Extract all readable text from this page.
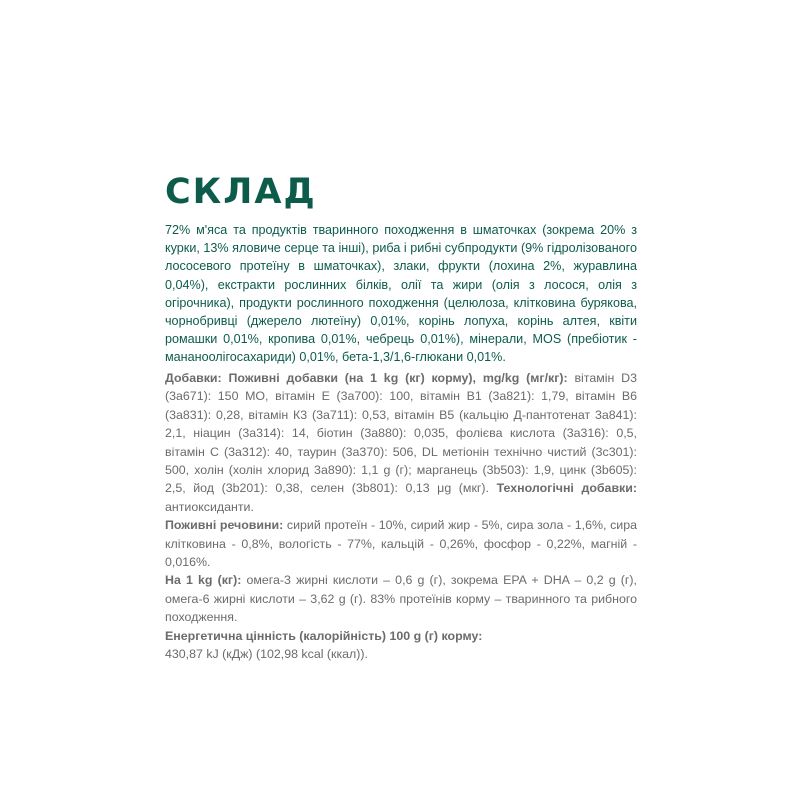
СКЛАД

72% м'яса та продуктів тваринного походження в шматочках (зокрема 20% з курки, 13% яловиче серце та інші), риба і рибні субпродукти (9% гідролізованого лососевого протеїну в шматочках), злаки, фрукти (лохина 2%, журавлина 0,04%), екстракти рослинних білків, олії та жири (олія з лосося, олія з огірочника), продукти рослинного походження (целюлоза, клітковина бурякова, чорнобривці (джерело лютеїну) 0,01%, корінь лопуха, корінь алтея, квіти ромашки 0,01%, кропива 0,01%, чебрець 0,01%), мінерали, MOS (пребіотик - мананоолігосахариди) 0,01%, бета-1,3/1,6-глюкани 0,01%.

Добавки: Поживні добавки (на 1 kg (кг) корму), mg/kg (мг/кг): вітамін D3 (3a671): 150 МО, вітамін Е (3a700): 100, вітамін B1 (3a821): 1,79, вітамін B6 (3a831): 0,28, вітамін К3 (3a711): 0,53, вітамін B5 (кальцію Д-пантотенат 3a841): 2,1, ніацин (3a314): 14, біотин (3a880): 0,035, фолієва кислота (3a316): 0,5, вітамін С (3a312): 40, таурин (3a370): 506, DL метіонін технічно чистий (3c301): 500, холін (холін хлорид 3a890): 1,1 g (г); марганець (3b503): 1,9, цинк (3b605): 2,5, йод (3b201): 0,38, селен (3b801): 0,13 μg (мкг). Технологічні добавки: антиоксиданти.

Поживні речовини: сирий протеїн - 10%, сирий жир - 5%, сира зола - 1,6%, сира клітковина - 0,8%, вологість - 77%, кальцій - 0,26%, фосфор - 0,22%, магній - 0,016%.

На 1 kg (кг): омега-3 жирні кислоти – 0,6 g (г), зокрема EPA + DHA – 0,2 g (г), омега-6 жирні кислоти – 3,62 g (г). 83% протеїнів корму – тваринного та рибного походження.

Енергетична цінність (калорійність) 100 g (г) корму:
430,87 kJ (кДж) (102,98 kcal (ккал)).
